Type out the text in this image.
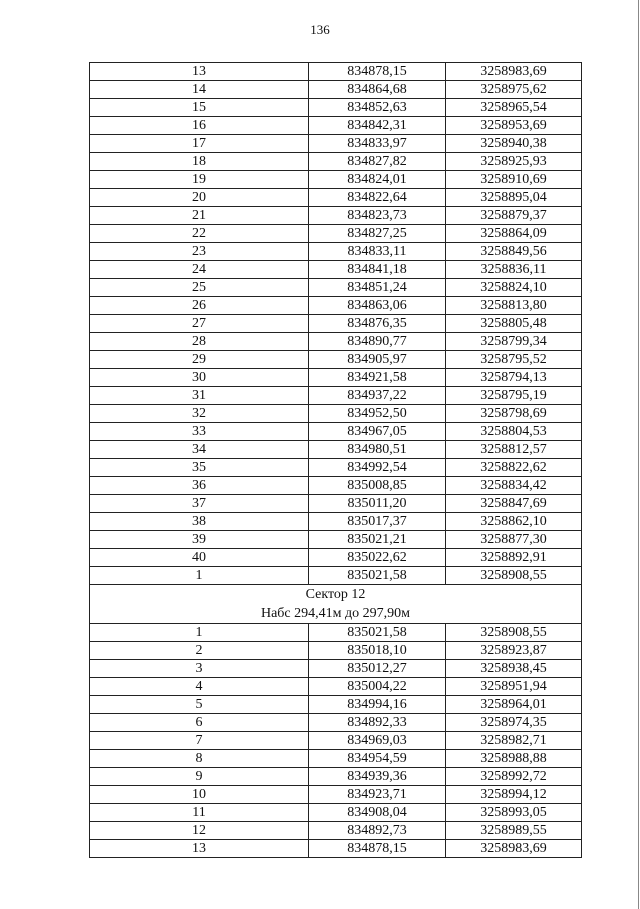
136
13	834878,15	3258983,69
14	834864,68	3258975,62
15	834852,63	3258965,54
16	834842,31	3258953,69
17	834833,97	3258940,38
18	834827,82	3258925,93
19	834824,01	3258910,69
20	834822,64	3258895,04
21	834823,73	3258879,37
22	834827,25	3258864,09
23	834833,11	3258849,56
24	834841,18	3258836,11
25	834851,24	3258824,10
26	834863,06	3258813,80
27	834876,35	3258805,48
28	834890,77	3258799,34
29	834905,97	3258795,52
30	834921,58	3258794,13
31	834937,22	3258795,19
32	834952,50	3258798,69
33	834967,05	3258804,53
34	834980,51	3258812,57
35	834992,54	3258822,62
36	835008,85	3258834,42
37	835011,20	3258847,69
38	835017,37	3258862,10
39	835021,21	3258877,30
40	835022,62	3258892,91
1	835021,58	3258908,55
Сектор 12		
Набс 294,41м до 297,90м		
1	835021,58	3258908,55
2	835018,10	3258923,87
3	835012,27	3258938,45
4	835004,22	3258951,94
5	834994,16	3258964,01
6	834892,33	3258974,35
7	834969,03	3258982,71
8	834954,59	3258988,88
9	834939,36	3258992,72
10	834923,71	3258994,12
11	834908,04	3258993,05
12	834892,73	3258989,55
13	834878,15	3258983,69
